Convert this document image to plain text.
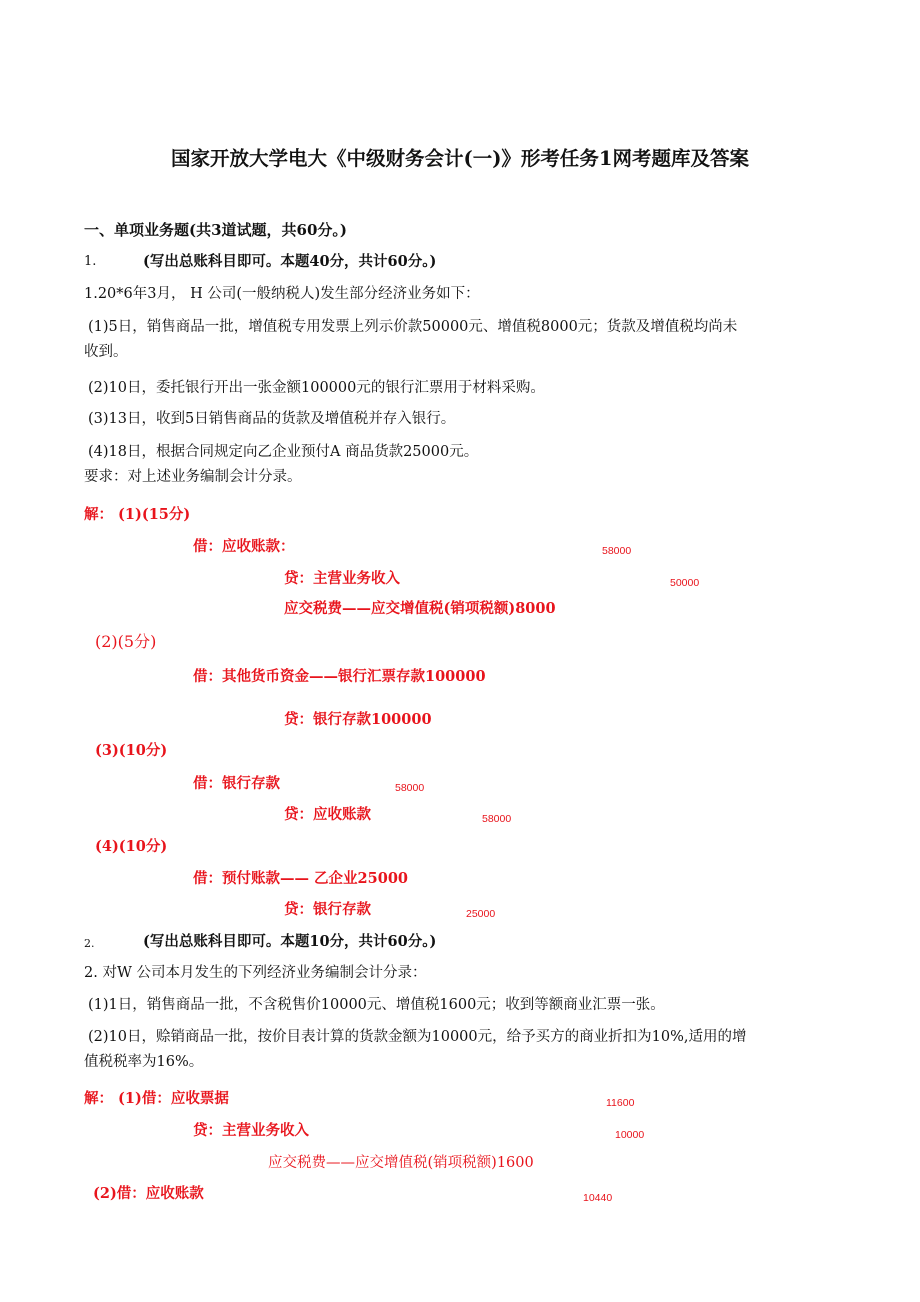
国家开放大学电大《中级财务会计(一)》形考任务1网考题库及答案
一、单项业务题(共3道试题，共60分。)
1.	(写出总账科目即可。本题40分，共计60分。)
1.20*6年3月， H 公司(一般纳税人)发生部分经济业务如下：
(1)5日，销售商品一批，增值税专用发票上列示价款50000元、增值税8000元；货款及增值税均尚未
收到。
(2)10日，委托银行开出一张金额100000元的银行汇票用于材料采购。
(3)13日，收到5日销售商品的货款及增值税并存入银行。
(4)18日，根据合同规定向乙企业预付A 商品货款25000元。
要求：对上述业务编制会计分录。
解： (1)(15分)
借：应收账款：	58000
贷：主营业务收入	50000
应交税费——应交增值税(销项税额)8000
(2)(5分)
借：其他货币资金——银行汇票存款100000
贷：银行存款100000
(3)(10分)
借：银行存款	58000
贷：应收账款	58000
(4)(10分)
借：预付账款—— 乙企业25000
贷：银行存款	25000
2.	(写出总账科目即可。本题10分，共计60分。)
2. 对W 公司本月发生的下列经济业务编制会计分录：
(1)1日，销售商品一批，不含税售价10000元、增值税1600元；收到等额商业汇票一张。
(2)10日，赊销商品一批，按价目表计算的货款金额为10000元，给予买方的商业折扣为10%,适用的增
值税税率为16%。
解： (1)借：应收票据	11600
贷：主营业务收入	10000
应交税费——应交增值税(销项税额)1600
(2)借：应收账款	10440
